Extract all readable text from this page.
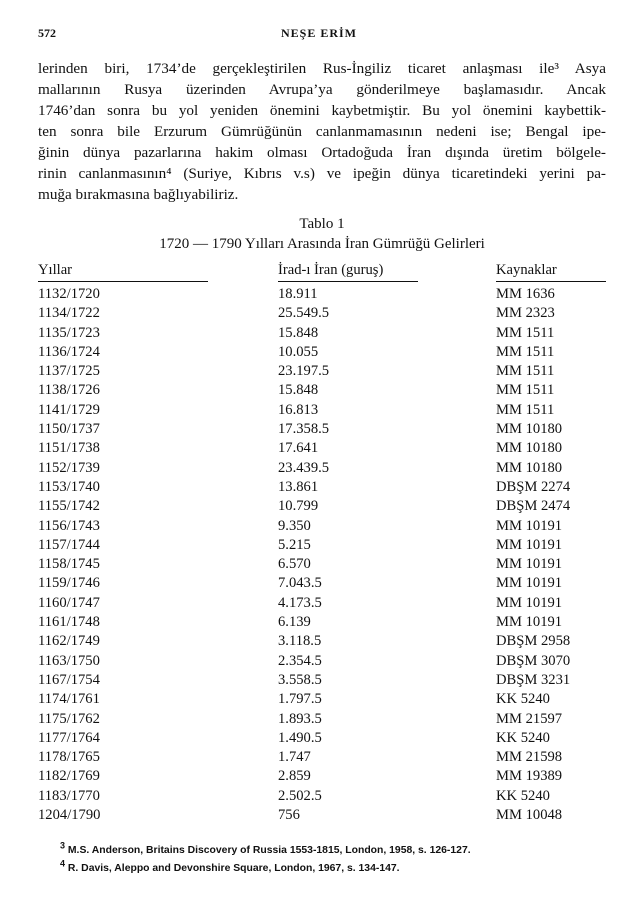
572	NEŞE ERİM
lerinden biri, 1734’de gerçekleştirilen Rus-İngiliz ticaret anlaşması ile³ Asya
mallarının Rusya üzerinden Avrupa’ya gönderilmeye başlamasıdır. Ancak
1746’dan sonra bu yol yeniden önemini kaybetmiştir. Bu yol önemini kaybettik-
ten sonra bile Erzurum Gümrüğünün canlanmamasının nedeni ise; Bengal ipe-
ğinin dünya pazarlarına hakim olması Ortadoğuda İran dışında üretim bölgele-
rinin canlanmasının⁴ (Suriye, Kıbrıs v.s) ve ipeğin dünya ticaretindeki yerini pa-
muğa bırakmasına bağlıyabiliriz.
Tablo 1
1720 — 1790 Yılları Arasında İran Gümrüğü Gelirleri
Yıllar	İrad-ı İran (guruş)	Kaynaklar
1132/1720	18.911	MM 1636
1134/1722	25.549.5	MM 2323
1135/1723	15.848	MM 1511
1136/1724	10.055	MM 1511
1137/1725	23.197.5	MM 1511
1138/1726	15.848	MM 1511
1141/1729	16.813	MM 1511
1150/1737	17.358.5	MM 10180
1151/1738	17.641	MM 10180
1152/1739	23.439.5	MM 10180
1153/1740	13.861	DBŞM 2274
1155/1742	10.799	DBŞM 2474
1156/1743	9.350	MM 10191
1157/1744	5.215	MM 10191
1158/1745	6.570	MM 10191
1159/1746	7.043.5	MM 10191
1160/1747	4.173.5	MM 10191
1161/1748	6.139	MM 10191
1162/1749	3.118.5	DBŞM 2958
1163/1750	2.354.5	DBŞM 3070
1167/1754	3.558.5	DBŞM 3231
1174/1761	1.797.5	KK 5240
1175/1762	1.893.5	MM 21597
1177/1764	1.490.5	KK 5240
1178/1765	1.747	MM 21598
1182/1769	2.859	MM 19389
1183/1770	2.502.5	KK 5240
1204/1790	756	MM 10048
$^3$ M.S. Anderson, Britains Discovery of Russia 1553-1815, London, 1958, s. 126-127.
$^4$ R. Davis, Aleppo and Devonshire Square, London, 1967, s. 134-147.
